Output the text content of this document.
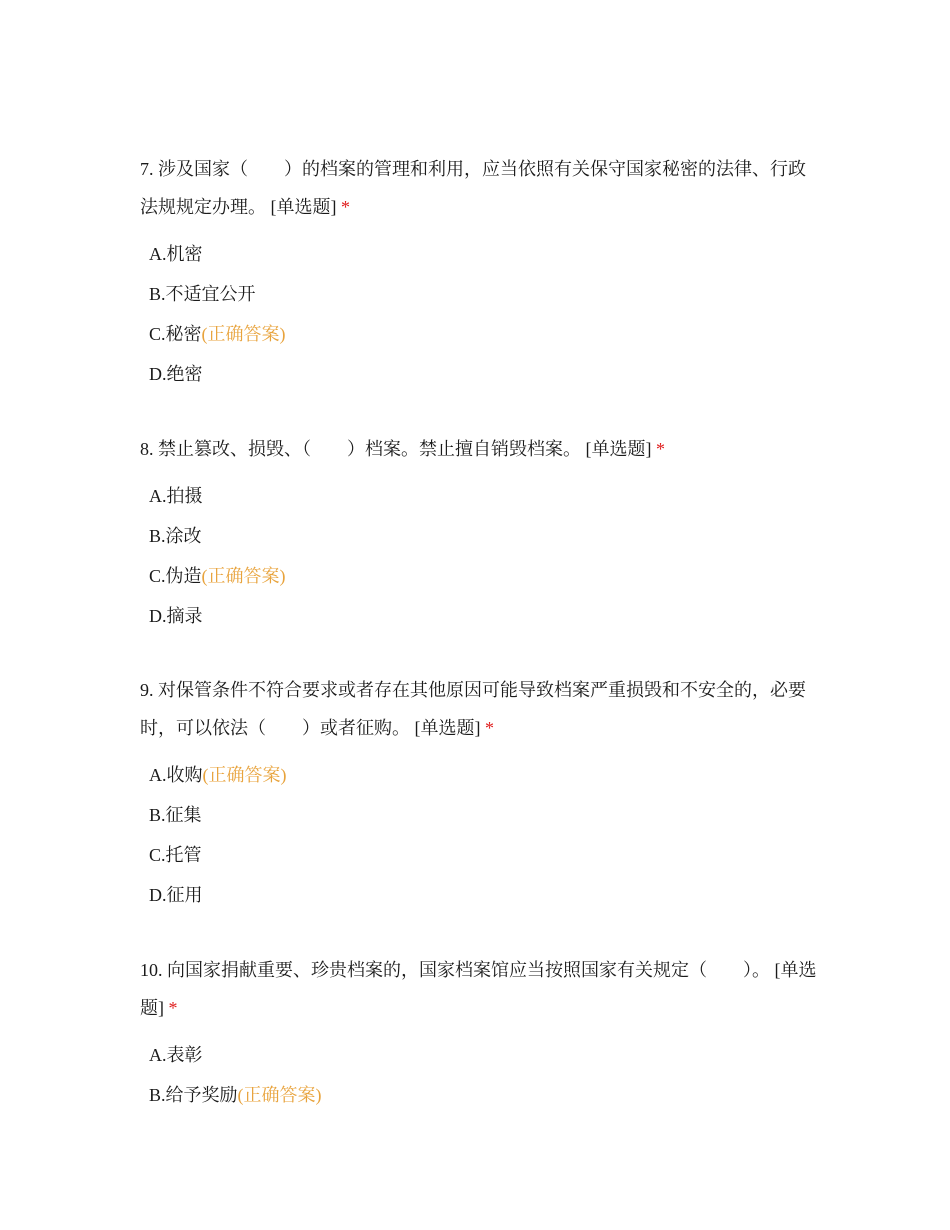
7. 涉及国家（　　）的档案的管理和利用，应当依照有关保守国家秘密的法律、行政法规规定办理。 [单选题] *

A.机密
B.不适宜公开
C.秘密(正确答案)
D.绝密

8. 禁止篡改、损毁、（　　）档案。禁止擅自销毁档案。 [单选题] *

A.拍摄
B.涂改
C.伪造(正确答案)
D.摘录

9. 对保管条件不符合要求或者存在其他原因可能导致档案严重损毁和不安全的，必要时，可以依法（　　）或者征购。 [单选题] *

A.收购(正确答案)
B.征集
C.托管
D.征用

10. 向国家捐献重要、珍贵档案的，国家档案馆应当按照国家有关规定（　　）。 [单选题] *

A.表彰
B.给予奖励(正确答案)
